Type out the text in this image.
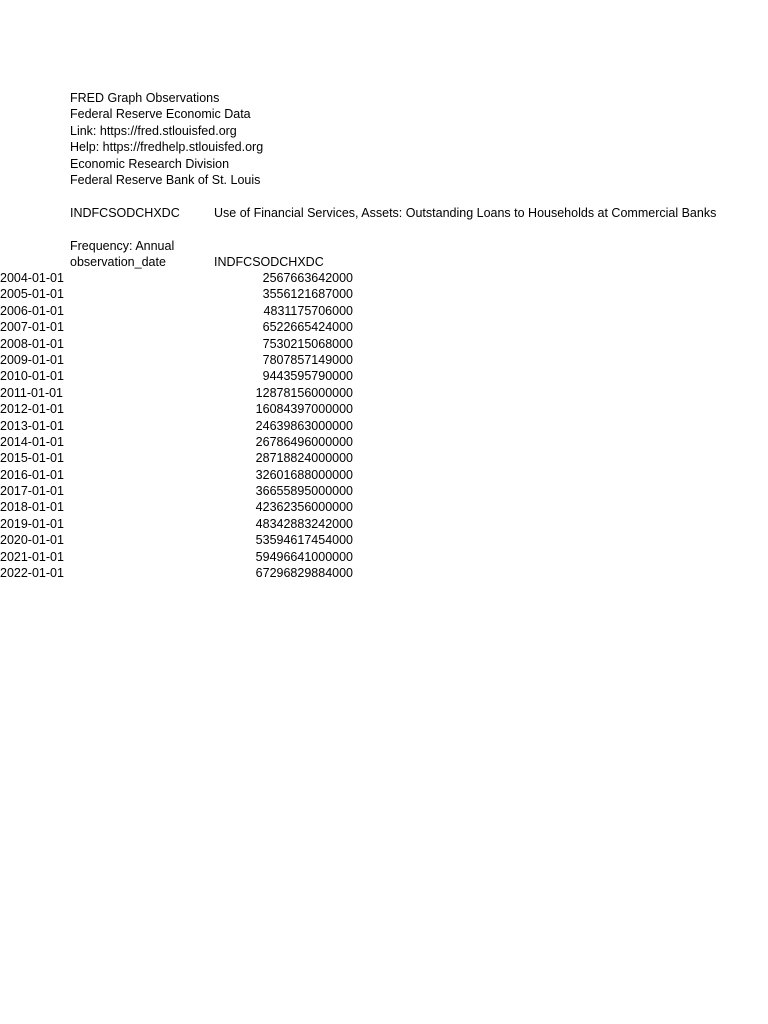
FRED Graph Observations
Federal Reserve Economic Data
Link: https://fred.stlouisfed.org
Help: https://fredhelp.stlouisfed.org
Economic Research Division
Federal Reserve Bank of St. Louis
INDFCSODCHXDC	Use of Financial Services, Assets: Outstanding Loans to Households at Commercial Banks
Frequency: Annual
observation_date	INDFCSODCHXDC
2004-01-01	2567663642000
2005-01-01	3556121687000
2006-01-01	4831175706000
2007-01-01	6522665424000
2008-01-01	7530215068000
2009-01-01	7807857149000
2010-01-01	9443595790000
2011-01-01	12878156000000
2012-01-01	16084397000000
2013-01-01	24639863000000
2014-01-01	26786496000000
2015-01-01	28718824000000
2016-01-01	32601688000000
2017-01-01	36655895000000
2018-01-01	42362356000000
2019-01-01	48342883242000
2020-01-01	53594617454000
2021-01-01	59496641000000
2022-01-01	67296829884000
